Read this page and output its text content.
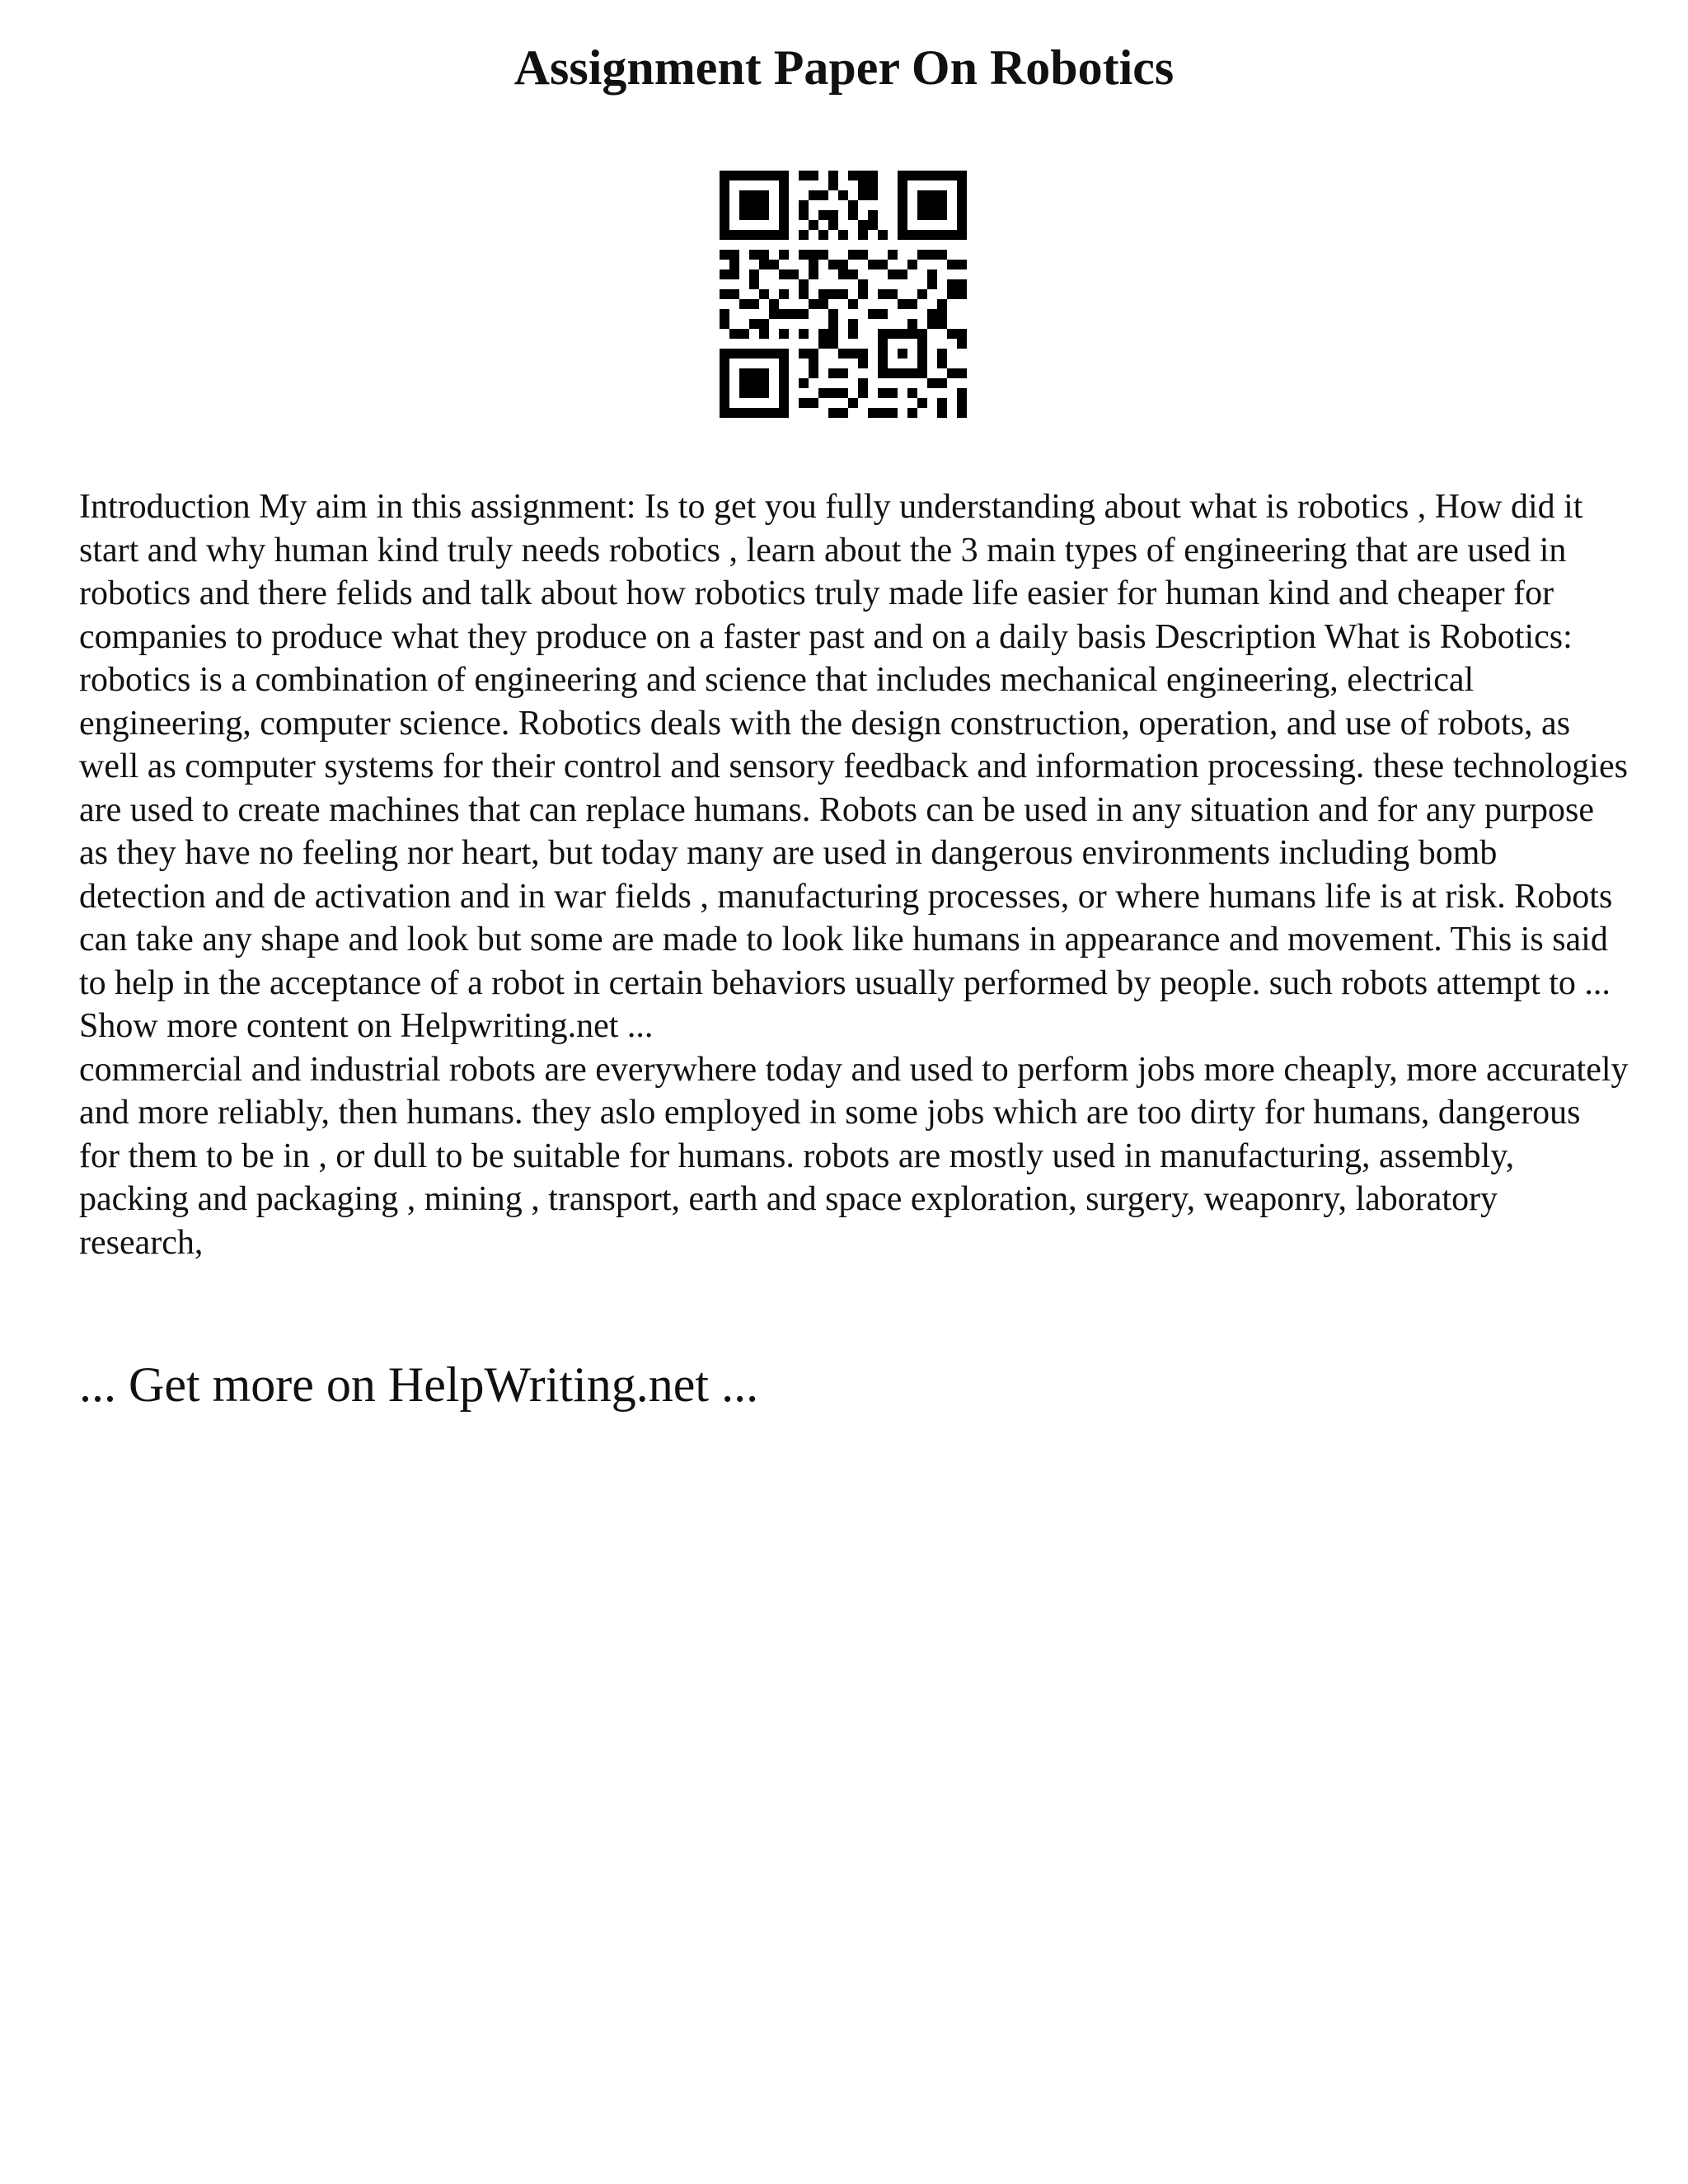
Assignment Paper On Robotics

Introduction My aim in this assignment: Is to get you fully understanding about what is robotics , How did it start and why human kind truly needs robotics , learn about the 3 main types of engineering that are used in robotics and there felids and talk about how robotics truly made life easier for human kind and cheaper for companies to produce what they produce on a faster past and on a daily basis Description What is Robotics: robotics is a combination of engineering and science that includes mechanical engineering, electrical engineering, computer science. Robotics deals with the design construction, operation, and use of robots, as well as computer systems for their control and sensory feedback and information processing. these technologies are used to create machines that can replace humans. Robots can be used in any situation and for any purpose as they have no feeling nor heart, but today many are used in dangerous environments including bomb detection and de activation and in war fields , manufacturing processes, or where humans life is at risk. Robots can take any shape and look but some are made to look like humans in appearance and movement. This is said to help in the acceptance of a robot in certain behaviors usually performed by people. such robots attempt to ...

Show more content on Helpwriting.net ...

commercial and industrial robots are everywhere today and used to perform jobs more cheaply, more accurately and more reliably, then humans. they aslo employed in some jobs which are too dirty for humans, dangerous for them to be in , or dull to be suitable for humans. robots are mostly used in manufacturing, assembly, packing and packaging , mining , transport, earth and space exploration, surgery, weaponry, laboratory research,

... Get more on HelpWriting.net ...
